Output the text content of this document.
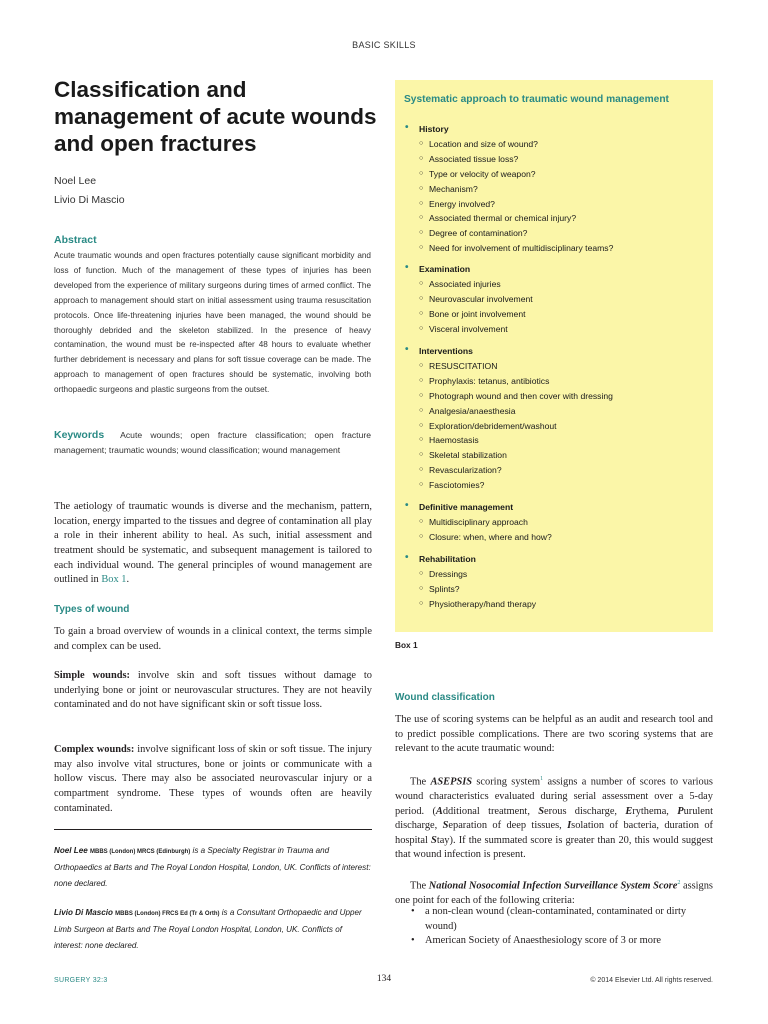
BASIC SKILLS
Classification and management of acute wounds and open fractures
Noel Lee
Livio Di Mascio
Abstract

Acute traumatic wounds and open fractures potentially cause significant morbidity and loss of function. Much of the management of these types of injuries has been developed from the experience of military surgeons during times of armed conflict. The approach to management should start on initial assessment using trauma resuscitation protocols. Once life-threatening injuries have been managed, the wound should be thoroughly debrided and the skeleton stabilized. In the presence of heavy contamination, the wound must be re-inspected after 48 hours to evaluate whether further debridement is necessary and plans for soft tissue coverage can be made. The approach to management of open fractures should be systematic, involving both orthopaedic surgeons and plastic surgeons from the outset.

Keywords Acute wounds; open fracture classification; open fracture management; traumatic wounds; wound classification; wound management

The aetiology of traumatic wounds is diverse and the mechanism, pattern, location, energy imparted to the tissues and degree of contamination all play a role in their inherent ability to heal. As such, initial assessment and treatment should be systematic, and subsequent management is tailored to each individual wound. The general principles of wound management are outlined in Box 1.

Types of wound

To gain a broad overview of wounds in a clinical context, the terms simple and complex can be used.

Simple wounds: involve skin and soft tissues without damage to underlying bone or joint or neurovascular structures. They are not heavily contaminated and do not have significant skin or soft tissue loss.

Complex wounds: involve significant loss of skin or soft tissue. The injury may also involve vital structures, bone or joints or communicate with a hollow viscus. There may also be associated neurovascular injury or a compartment syndrome. These types of wounds often are heavily contaminated.

Noel Lee MBBS (London) MRCS (Edinburgh) is a Specialty Registrar in Trauma and Orthopaedics at Barts and The Royal London Hospital, London, UK. Conflicts of interest: none declared.

Livio Di Mascio MBBS (London) FRCS Ed (Tr & Orth) is a Consultant Orthopaedic and Upper Limb Surgeon at Barts and The Royal London Hospital, London, UK. Conflicts of interest: none declared.

Systematic approach to traumatic wound management
• History
○ Location and size of wound?
○ Associated tissue loss?
○ Type or velocity of weapon?
○ Mechanism?
○ Energy involved?
○ Associated thermal or chemical injury?
○ Degree of contamination?
○ Need for involvement of multidisciplinary teams?
• Examination
○ Associated injuries
○ Neurovascular involvement
○ Bone or joint involvement
○ Visceral involvement
• Interventions
○ RESUSCITATION
○ Prophylaxis: tetanus, antibiotics
○ Photograph wound and then cover with dressing
○ Analgesia/anaesthesia
○ Exploration/debridement/washout
○ Haemostasis
○ Skeletal stabilization
○ Revascularization?
○ Fasciotomies?
• Definitive management
○ Multidisciplinary approach
○ Closure: when, where and how?
• Rehabilitation
○ Dressings
○ Splints?
○ Physiotherapy/hand therapy
Box 1
Wound classification

The use of scoring systems can be helpful as an audit and research tool and to predict possible complications. There are two scoring systems that are relevant to the acute traumatic wound:

The ASEPSIS scoring system$^1$ assigns a number of scores to various wound characteristics evaluated during serial assessment over a 5-day period. (Additional treatment, Serous discharge, Erythema, Purulent discharge, Separation of deep tissues, Isolation of bacteria, duration of hospital Stay). If the summated score is greater than 20, this would suggest that wound infection is present.

The National Nosocomial Infection Surveillance System Score$^2$ assigns one point for each of the following criteria:

• a non-clean wound (clean-contaminated, contaminated or dirty wound)
• American Society of Anaesthesiology score of 3 or more
SURGERY 32:3	134	© 2014 Elsevier Ltd. All rights reserved.
